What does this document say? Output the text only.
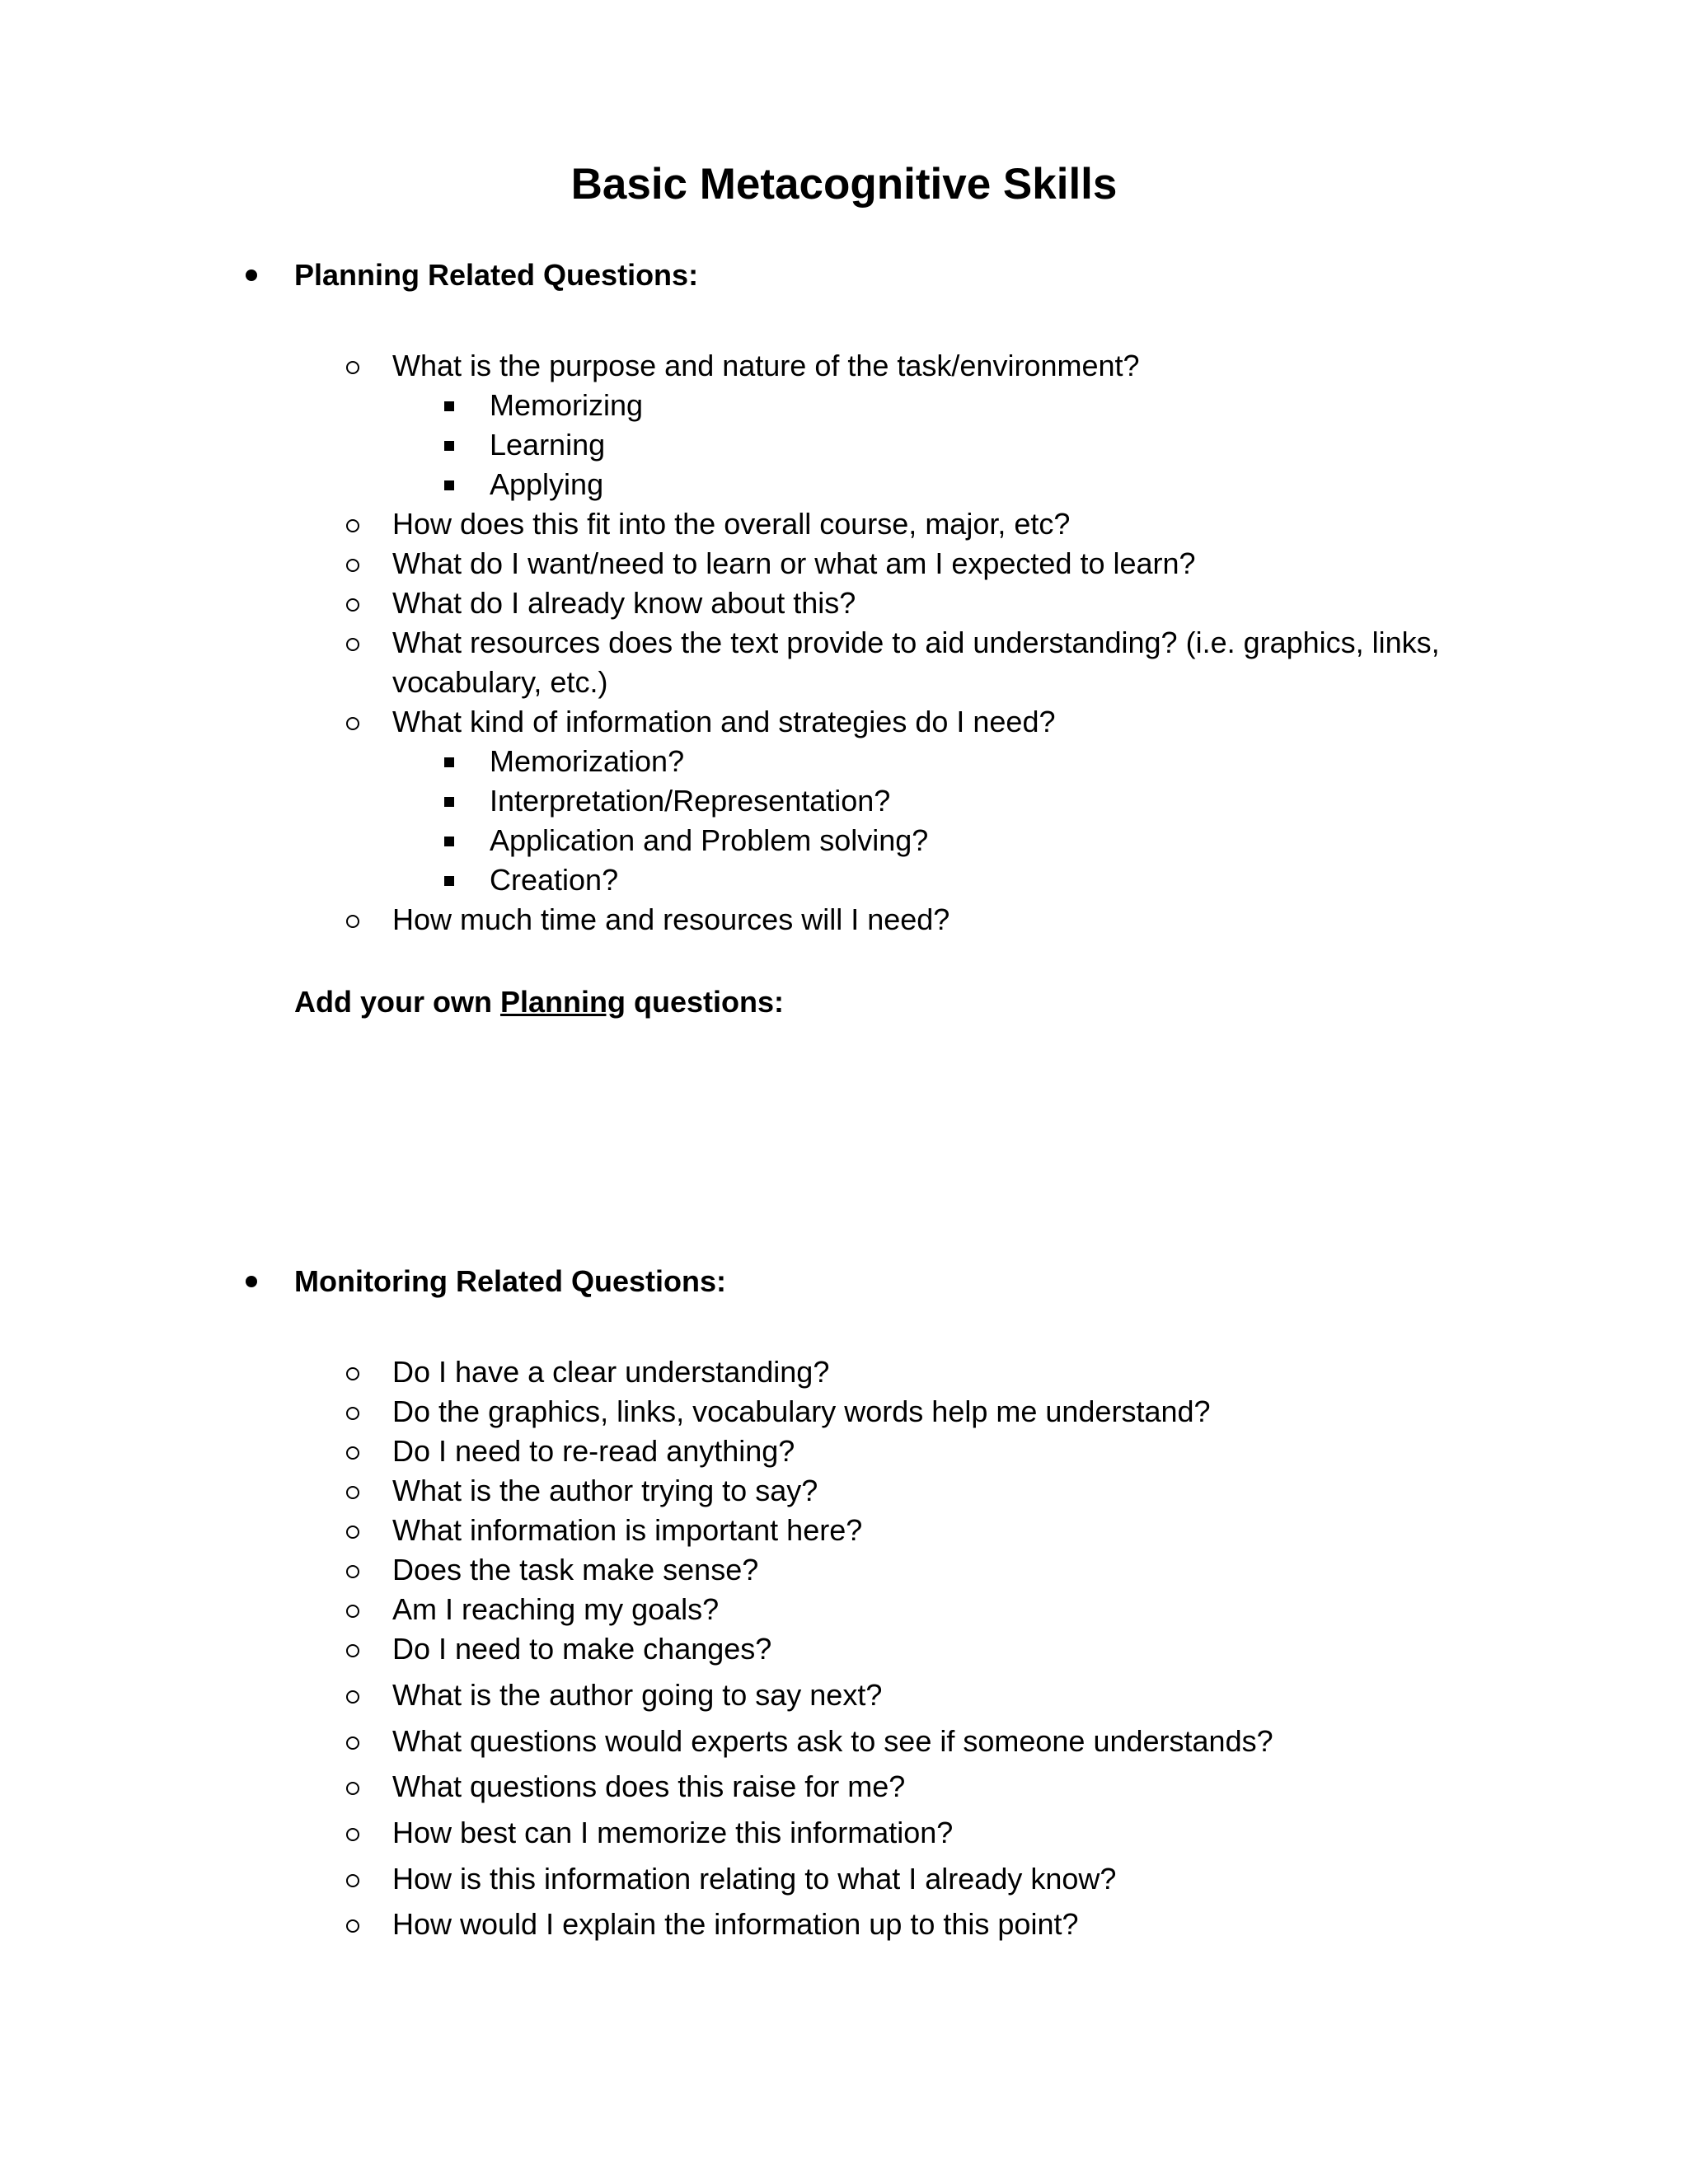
Basic Metacognitive Skills
Planning Related Questions:
What is the purpose and nature of the task/environment?
Memorizing
Learning
Applying
How does this fit into the overall course, major, etc?
What do I want/need to learn or what am I expected to learn?
What do I already know about this?
What resources does the text provide to aid understanding? (i.e. graphics, links,
vocabulary, etc.)
What kind of information and strategies do I need?
Memorization?
Interpretation/Representation?
Application and Problem solving?
Creation?
How much time and resources will I need?
Add your own Planning questions:
Monitoring Related Questions:
Do I have a clear understanding?
Do the graphics, links, vocabulary words help me understand?
Do I need to re-read anything?
What is the author trying to say?
What information is important here?
Does the task make sense?
Am I reaching my goals?
Do I need to make changes?
What is the author going to say next?
What questions would experts ask to see if someone understands?
What questions does this raise for me?
How best can I memorize this information?
How is this information relating to what I already know?
How would I explain the information up to this point?
